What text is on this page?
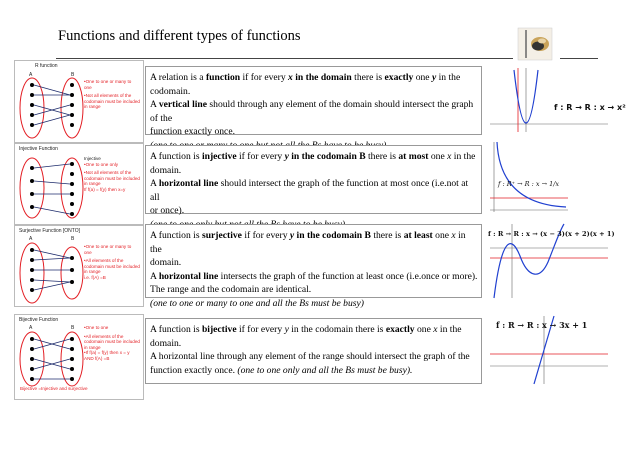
Functions and different types of functions
R function
A	B
•One to one or many to one
•Not all elements of the codomain must be included in range
Injective Function
Injective
•One to one only
•Not all elements of the codomain must be included in range
If f(a) = f(y) then x=y
Surjective Function [ONTO]
A	B
•One to one or many to one
•All elements of the codomain must be included in range
i.e. f(A) =B
Bijective Function
A	B •One to one
•All elements of the codomain must be included in range
•If f(a) = f(y) then x = y AND f(A) =B
Bijective =Injective and surjective

A relation is a function if for every x in the domain there is exactly one y in the
codomain.
A vertical line should through any element of the domain should intersect the graph of the
function exactly once.

A function is injective if for every y in the codomain B there is at most one x in the
domain.
A horizontal line should intersect the graph of the function at most once (i.e.not at all
or once).

A function is surjective if for every y in the codomain B there is at least one x in the
domain.
A horizontal line intersects the graph of the function at least once (i.e.once or more).
The range and the codomain are identical.
(one to one or many to one and all the Bs must be busy)

A function is bijective if for every y in the codomain there is exactly one x in the
domain.
A horizontal line through any element of the range should intersect the graph of the
function exactly once. (one to one only and all the Bs must be busy).

f : R → R : x → x²
f : R⁺ → R : x → 1/x
f : R → R : x → (x − 3)(x + 2)(x + 1)
f : R → R : x → 3x + 1
